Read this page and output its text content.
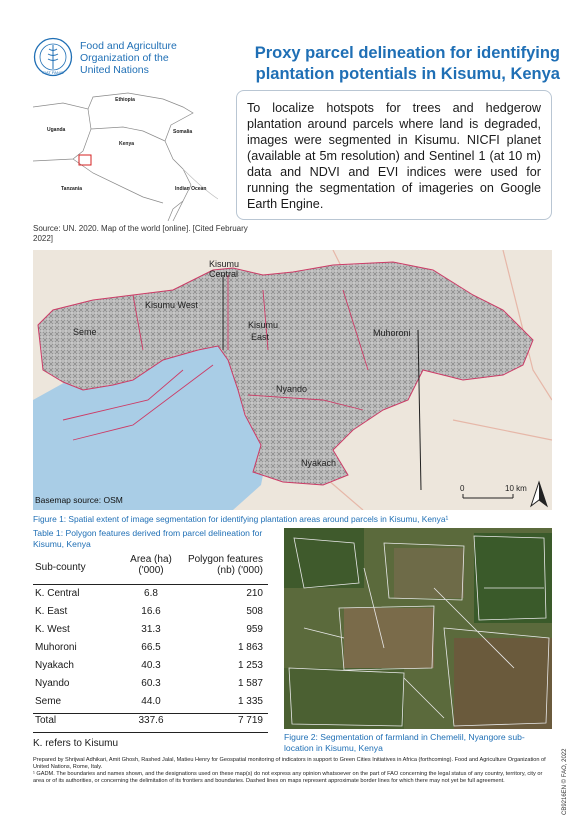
FIAT PANIS
Food and Agriculture
Organization of the
United Nations
Proxy parcel delineation for identifying
plantation potentials in Kisumu, Kenya
Ethiopia
Uganda
Kenya
Somalia
Tanzania	Indian Ocean
Source: UN. 2020. Map of the world [online]. [Cited February 2022]
To localize hotspots for trees and hedgerow plantation around parcels where land is degraded, images were segmented in Kisumu. NICFI planet (available at 5m resolution) and Sentinel 1 (at 10 m) data and NDVI and EVI indices were used for running the segmentation of imageries on Google Earth Engine.
Kisumu
Central
Kisumu West
Kisumu
East
Seme	Muhoroni
Nyando
Nyakach
0	10 km
Basemap source: OSM
Figure 1: Spatial extent of image segmentation for identifying plantation areas around parcels in Kisumu, Kenya¹
Table 1: Polygon features derived from parcel delineation for Kisumu, Kenya
Sub-county
Area (ha)
('000)
Polygon features
(nb) ('000)
K. Central	6.8	210
K. East	16.6	508
K. West	31.3	959
Muhoroni	66.5	1 863
Nyakach	40.3	1 253
Nyando	60.3	1 587
Seme	44.0	1 335
Total	337.6	7 719
K. refers to Kisumu
Figure 2: Segmentation of farmland in Chemelil, Nyangore sub-location in Kisumu, Kenya
Prepared by Shrijwal Adhikari, Amit Ghosh, Rashed Jalal, Matieu Henry for Geospatial monitoring of indicators in support to Green Cities Initiatives in Africa (forthcoming). Food and Agriculture Organization of United Nations, Rome, Italy.
¹ GADM. The boundaries and names shown, and the designations used on these map(s) do not express any opinion whatsoever on the part of FAO concerning the legal status of any country, territory, city or area or of its authorities, or concerning the delimitation of its frontiers and boundaries. Dashed lines on maps represent approximate border lines for which there may not yet be full agreement.	CB9216EN © FAO, 2022
